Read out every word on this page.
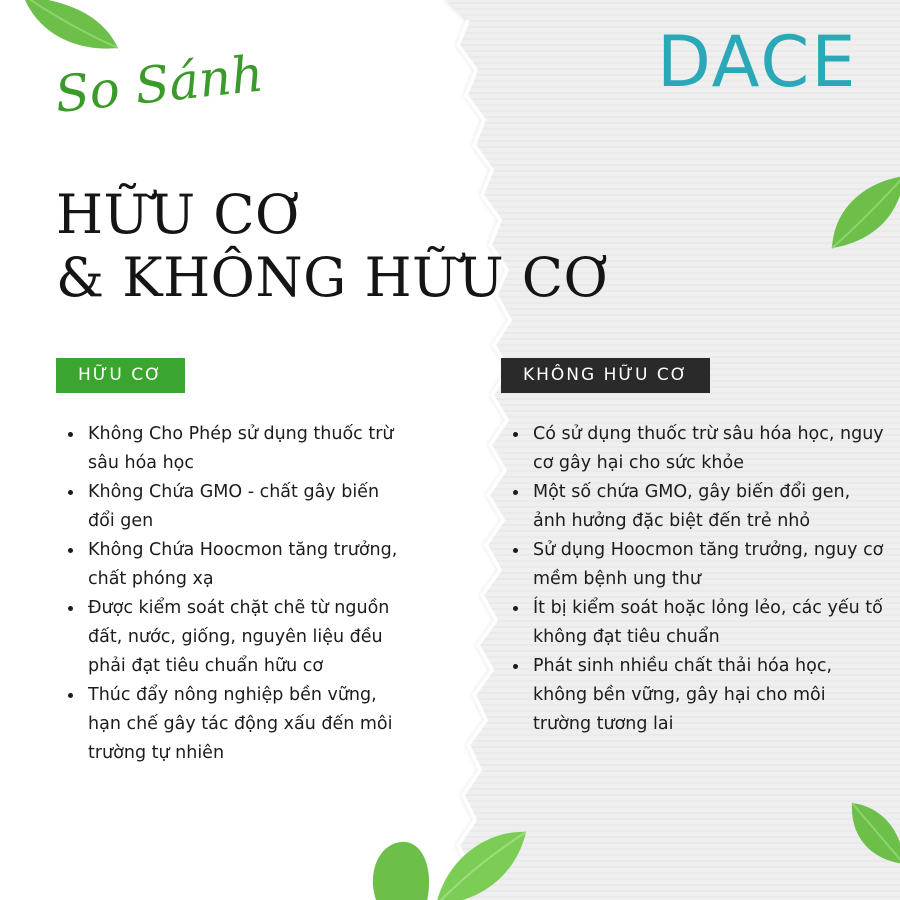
DACE
So Sánh
HỮU CƠ
& KHÔNG HỮU CƠ
HỮU CƠ	KHÔNG HỮU CƠ
Không Cho Phép sử dụng thuốc trừ sâu hóa học
Không Chứa GMO - chất gây biến đổi gen
Không Chứa Hoocmon tăng trưởng, chất phóng xạ
Được kiểm soát chặt chẽ từ nguồn đất, nước, giống, nguyên liệu đều phải đạt tiêu chuẩn hữu cơ
Thúc đẩy nông nghiệp bền vững, hạn chế gây tác động xấu đến môi trường tự nhiên
Có sử dụng thuốc trừ sâu hóa học, nguy cơ gây hại cho sức khỏe
Một số chứa GMO, gây biến đổi gen, ảnh hưởng đặc biệt đến trẻ nhỏ
Sử dụng Hoocmon tăng trưởng, nguy cơ mềm bệnh ung thư
Ít bị kiểm soát hoặc lỏng lẻo, các yếu tố không đạt tiêu chuẩn
Phát sinh nhiều chất thải hóa học, không bền vững, gây hại cho môi trường tương lai
